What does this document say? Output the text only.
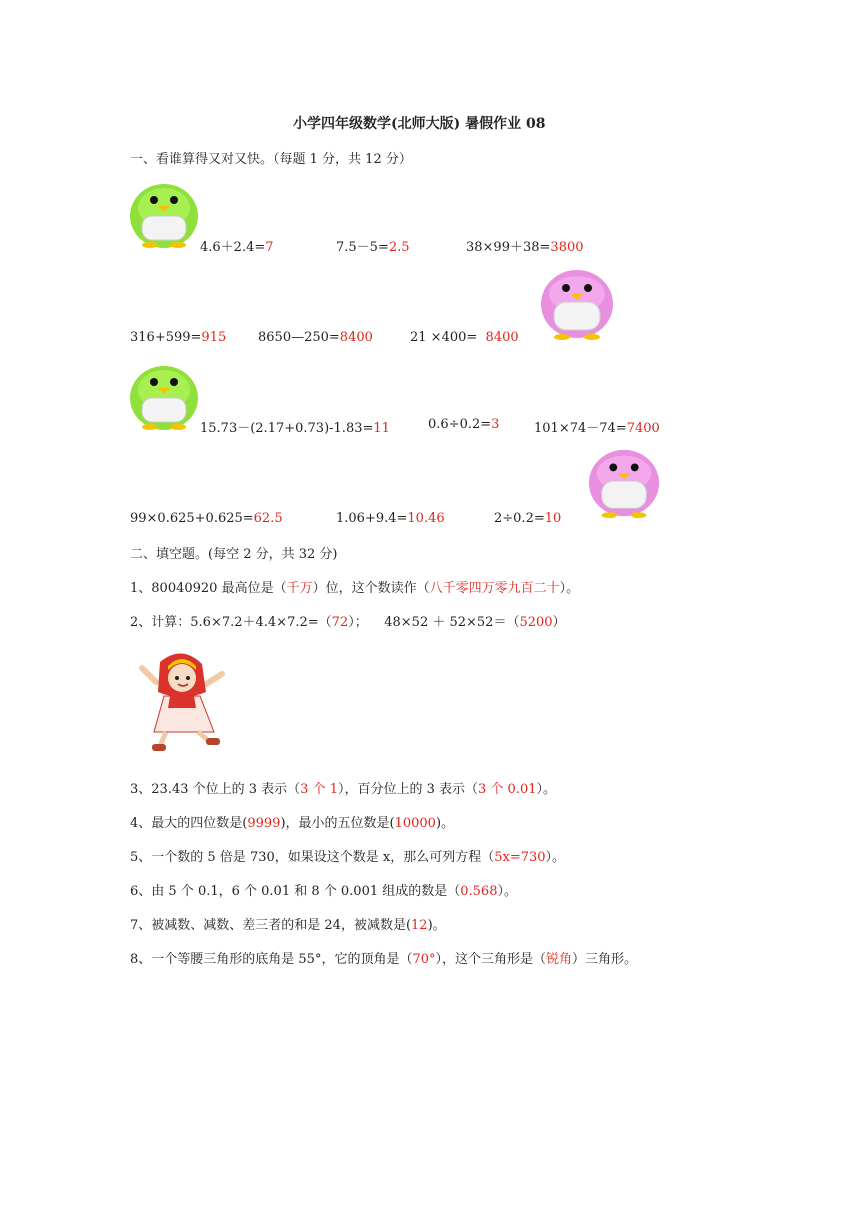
小学四年级数学(北师大版) 暑假作业 08
一、看谁算得又对又快。（每题 1 分，共 12 分）
4.6＋2.4=7	7.5－5=2.5	38×99＋38=3800
316+599=915 8650—250=8400	21 ×400=  8400
15.73－(2.17+0.73)-1.83=11	0.6÷0.2=3	101×74－74=7400
99×0.625+0.625=62.5	1.06+9.4=10.46	2÷0.2=10
二、填空题。(每空 2 分，共 32 分)
1、80040920 最高位是（千万）位，这个数读作（八千零四万零九百二十）。
2、计算：5.6×7.2＋4.4×7.2=（72）；    48×52 ＋ 52×52＝（5200）
3、23.43 个位上的 3 表示（3 个 1），百分位上的 3 表示（3 个 0.01）。
4、最大的四位数是(9999)，最小的五位数是(10000)。
5、一个数的 5 倍是 730，如果设这个数是 x，那么可列方程（5x=730）。
6、由 5 个 0.1，6 个 0.01 和 8 个 0.001 组成的数是（0.568）。
7、被减数、减数、差三者的和是 24，被减数是(12)。
8、一个等腰三角形的底角是 55°，它的顶角是（70°），这个三角形是（锐角）三角形。
